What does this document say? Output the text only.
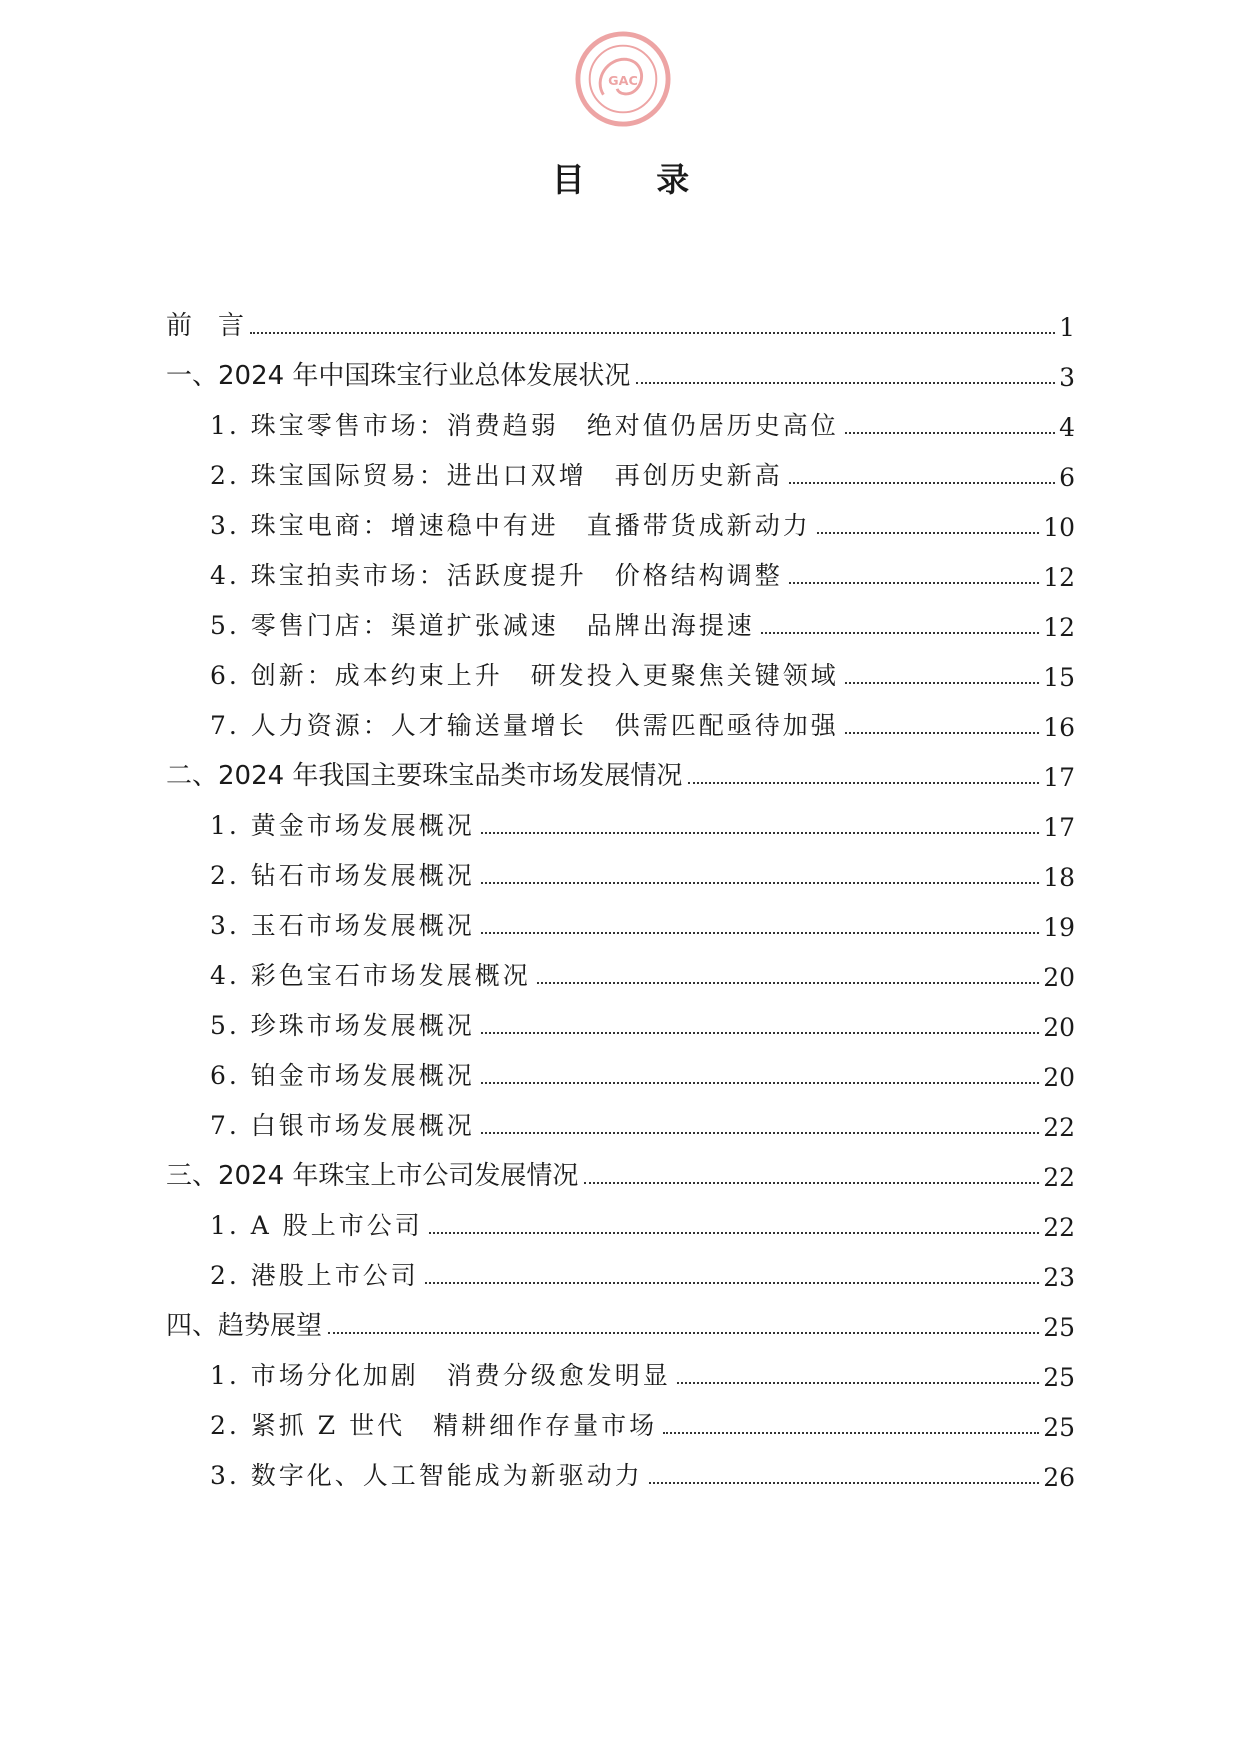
GAC
目 录
前　言	1
一、2024 年中国珠宝行业总体发展状况	3
1. 珠宝零售市场：消费趋弱　绝对值仍居历史高位	4
2. 珠宝国际贸易：进出口双增　再创历史新高	6
3. 珠宝电商：增速稳中有进　直播带货成新动力	10
4. 珠宝拍卖市场：活跃度提升　价格结构调整	12
5. 零售门店：渠道扩张减速　品牌出海提速	12
6. 创新：成本约束上升　研发投入更聚焦关键领域	15
7. 人力资源：人才输送量增长　供需匹配亟待加强	16
二、2024 年我国主要珠宝品类市场发展情况	17
1. 黄金市场发展概况	17
2. 钻石市场发展概况	18
3. 玉石市场发展概况	19
4. 彩色宝石市场发展概况	20
5. 珍珠市场发展概况	20
6. 铂金市场发展概况	20
7. 白银市场发展概况	22
三、2024 年珠宝上市公司发展情况	22
1. A 股上市公司	22
2. 港股上市公司	23
四、趋势展望	25
1. 市场分化加剧　消费分级愈发明显	25
2. 紧抓 Z 世代　精耕细作存量市场	25
3. 数字化、人工智能成为新驱动力	26
